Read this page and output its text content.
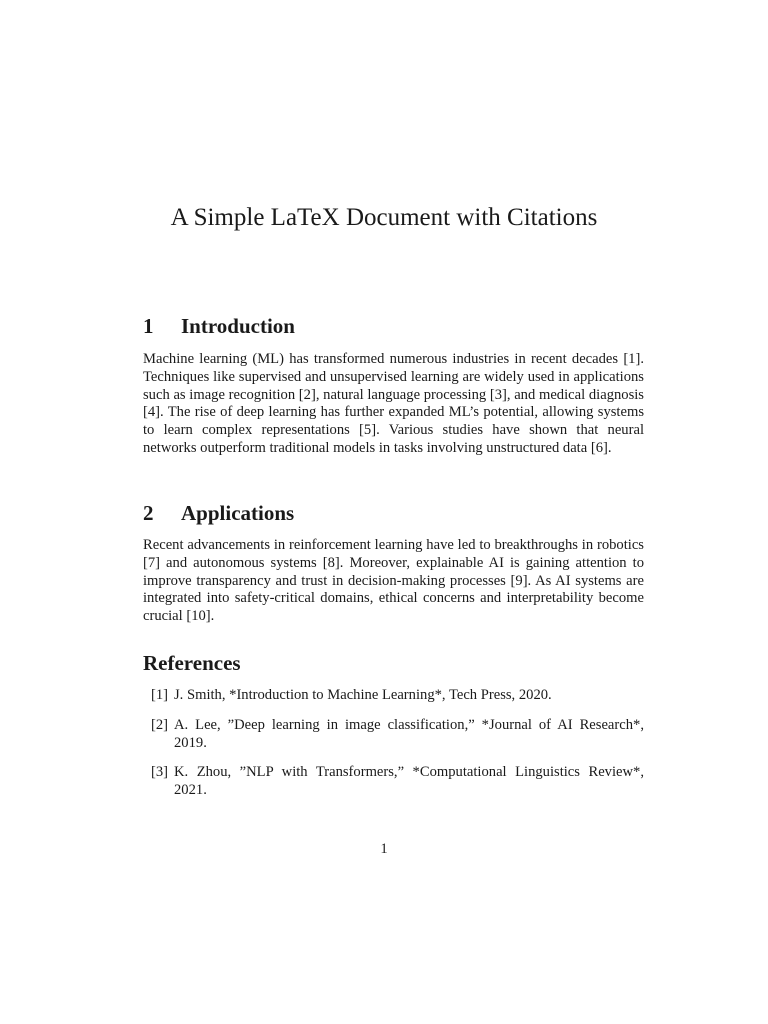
A Simple LaTeX Document with Citations
1 Introduction

Machine learning (ML) has transformed numerous industries in recent decades [1]. Techniques like supervised and unsupervised learning are widely used in applications such as image recognition [2], natural language processing [3], and medical diagnosis [4]. The rise of deep learning has further expanded ML’s potential, allowing systems to learn complex representations [5]. Various studies have shown that neural networks outperform traditional models in tasks involving unstructured data [6].

2 Applications

Recent advancements in reinforcement learning have led to breakthroughs in robotics [7] and autonomous systems [8]. Moreover, explainable AI is gaining attention to improve transparency and trust in decision-making processes [9]. As AI systems are integrated into safety-critical domains, ethical concerns and interpretability become crucial [10].

References
[1] J. Smith, *Introduction to Machine Learning*, Tech Press, 2020.
[2] A. Lee, ”Deep learning in image classification,” *Journal of AI Research*, 2019.
[3] K. Zhou, ”NLP with Transformers,” *Computational Linguistics Review*, 2021.
1
